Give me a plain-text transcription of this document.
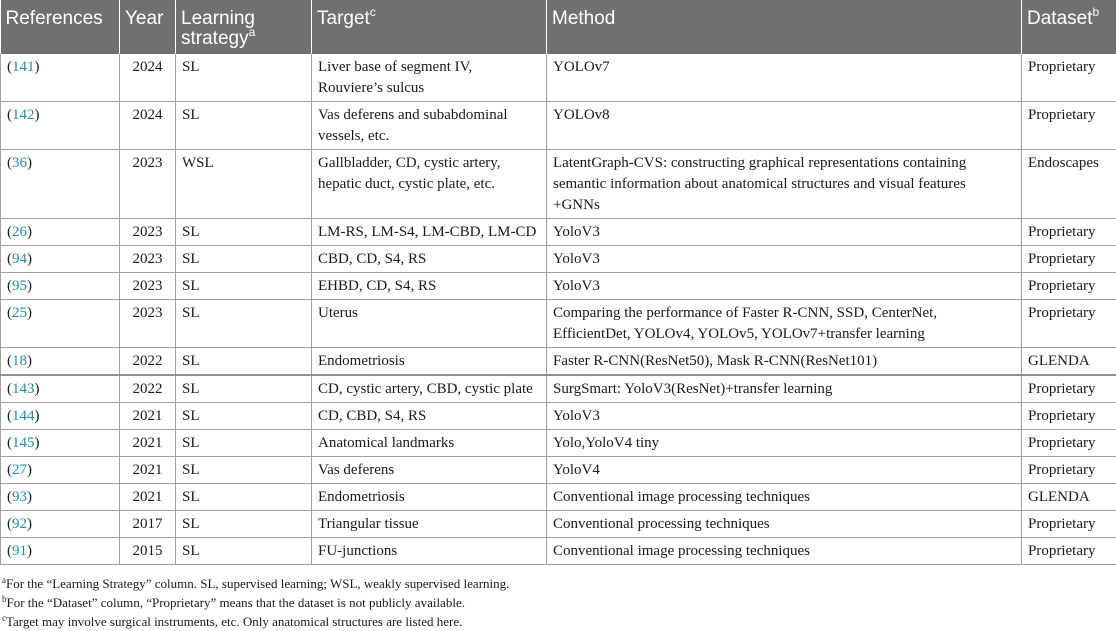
References	Year	Learning strategy$^a$	Target$^c$	Method	Dataset$^b$
(141)	2024	SL	Liver base of segment IV, Rouviere’s sulcus	YOLOv7	Proprietary
(142)	2024	SL	Vas deferens and subabdominal vessels, etc.	YOLOv8	Proprietary
(36)	2023	WSL	Gallbladder, CD, cystic artery, hepatic duct, cystic plate, etc.	LatentGraph-CVS: constructing graphical representations containing semantic information about anatomical structures and visual features +GNNs	Endoscapes
(26)	2023	SL	LM-RS, LM-S4, LM-CBD, LM-CD	YoloV3	Proprietary
(94)	2023	SL	CBD, CD, S4, RS	YoloV3	Proprietary
(95)	2023	SL	EHBD, CD, S4, RS	YoloV3	Proprietary
(25)	2023	SL	Uterus	Comparing the performance of Faster R-CNN, SSD, CenterNet, EfficientDet, YOLOv4, YOLOv5, YOLOv7+transfer learning	Proprietary
(18)	2022	SL	Endometriosis	Faster R-CNN(ResNet50), Mask R-CNN(ResNet101)	GLENDA
(143)	2022	SL	CD, cystic artery, CBD, cystic plate	SurgSmart: YoloV3(ResNet)+transfer learning	Proprietary
(144)	2021	SL	CD, CBD, S4, RS	YoloV3	Proprietary
(145)	2021	SL	Anatomical landmarks	Yolo,YoloV4 tiny	Proprietary
(27)	2021	SL	Vas deferens	YoloV4	Proprietary
(93)	2021	SL	Endometriosis	Conventional image processing techniques	GLENDA
(92)	2017	SL	Triangular tissue	Conventional processing techniques	Proprietary
(91)	2015	SL	FU-junctions	Conventional image processing techniques	Proprietary
$^a$For the “Learning Strategy” column. SL, supervised learning; WSL, weakly supervised learning.
$^b$For the “Dataset” column, “Proprietary” means that the dataset is not publicly available.
$^c$Target may involve surgical instruments, etc. Only anatomical structures are listed here.
